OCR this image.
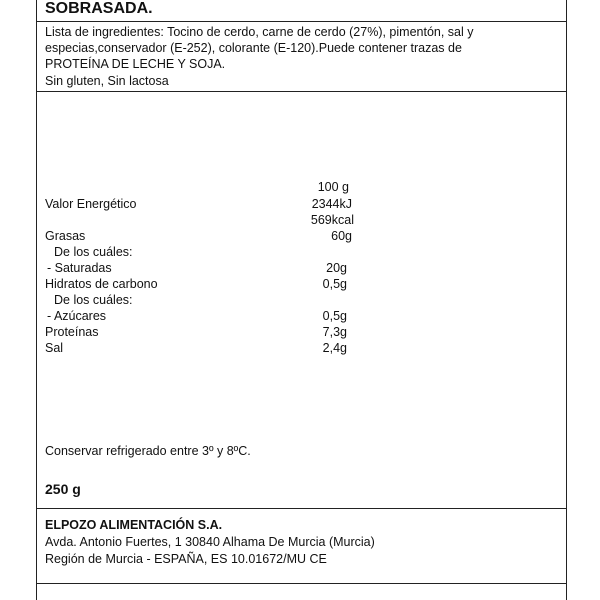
SOBRASADA.
Lista de ingredientes: Tocino de cerdo, carne de cerdo (27%), pimentón, sal y
especias,conservador (E-252), colorante (E-120).Puede contener trazas de
PROTEÍNA DE LECHE Y SOJA.
Sin gluten, Sin lactosa
100 g
Valor Energético	2344kJ
569kcal
Grasas	60g
De los cuáles:
- Saturadas	20g
Hidratos de carbono	0,5g
De los cuáles:
- Azúcares	0,5g
Proteínas	7,3g
Sal	2,4g
Conservar refrigerado entre 3º y 8ºC.
250 g
ELPOZO ALIMENTACIÓN S.A.
Avda. Antonio Fuertes, 1 30840 Alhama De Murcia (Murcia)
Región de Murcia - ESPAÑA, ES 10.01672/MU CE
